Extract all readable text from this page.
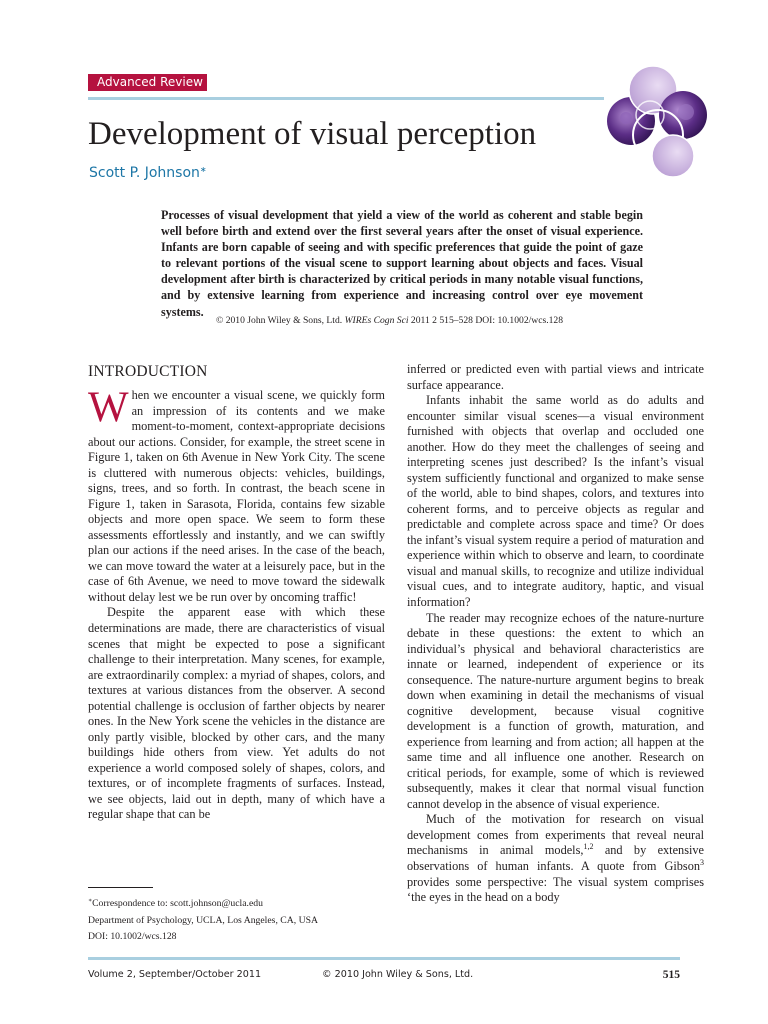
Advanced Review
Development of visual perception
Scott P. Johnson∗
Processes of visual development that yield a view of the world as coherent and stable begin well before birth and extend over the first several years after the onset of visual experience. Infants are born capable of seeing and with specific preferences that guide the point of gaze to relevant portions of the visual scene to support learning about objects and faces. Visual development after birth is characterized by critical periods in many notable visual functions, and by extensive learning from experience and increasing control over eye movement systems.
© 2010 John Wiley & Sons, Ltd. WIREs Cogn Sci 2011 2 515–528 DOI: 10.1002/wcs.128
INTRODUCTION

When we encounter a visual scene, we quickly form an impression of its contents and we make moment-to-moment, context-appropriate decisions about our actions. Consider, for example, the street scene in Figure 1, taken on 6th Avenue in New York City. The scene is cluttered with numerous objects: vehicles, buildings, signs, trees, and so forth. In contrast, the beach scene in Figure 1, taken in Sarasota, Florida, contains few sizable objects and more open space. We seem to form these assessments effortlessly and instantly, and we can swiftly plan our actions if the need arises. In the case of the beach, we can move toward the water at a leisurely pace, but in the case of 6th Avenue, we need to move toward the sidewalk without delay lest we be run over by oncoming traffic!

Despite the apparent ease with which these determinations are made, there are characteristics of visual scenes that might be expected to pose a significant challenge to their interpretation. Many scenes, for example, are extraordinarily complex: a myriad of shapes, colors, and textures at various distances from the observer. A second potential challenge is occlusion of farther objects by nearer ones. In the New York scene the vehicles in the distance are only partly visible, blocked by other cars, and the many buildings hide others from view. Yet adults do not experience a world composed solely of shapes, colors, and textures, or of incomplete fragments of surfaces. Instead, we see objects, laid out in depth, many of which have a regular shape that can be

inferred or predicted even with partial views and intricate surface appearance.

Infants inhabit the same world as do adults and encounter similar visual scenes—a visual environment furnished with objects that overlap and occluded one another. How do they meet the challenges of seeing and interpreting scenes just described? Is the infant’s visual system sufficiently functional and organized to make sense of the world, able to bind shapes, colors, and textures into coherent forms, and to perceive objects as regular and predictable and complete across space and time? Or does the infant’s visual system require a period of maturation and experience within which to observe and learn, to coordinate visual and manual skills, to recognize and utilize individual visual cues, and to integrate auditory, haptic, and visual information?

The reader may recognize echoes of the nature-nurture debate in these questions: the extent to which an individual’s physical and behavioral characteristics are innate or learned, independent of experience or its consequence. The nature-nurture argument begins to break down when examining in detail the mechanisms of visual cognitive development, because visual cognitive development is a function of growth, maturation, and experience from learning and from action; all happen at the same time and all influence one another. Research on critical periods, for example, some of which is reviewed subsequently, makes it clear that normal visual function cannot develop in the absence of visual experience.

Much of the motivation for research on visual development comes from experiments that reveal neural mechanisms in animal models,$^{1,2}$ and by extensive observations of human infants. A quote from Gibson$^3$ provides some perspective: The visual system comprises ‘the eyes in the head on a body

∗Correspondence to: scott.johnson@ucla.edu
Department of Psychology, UCLA, Los Angeles, CA, USA
DOI: 10.1002/wcs.128
Volume 2, September/October 2011	© 2010 John Wiley & Sons, Ltd.	515
